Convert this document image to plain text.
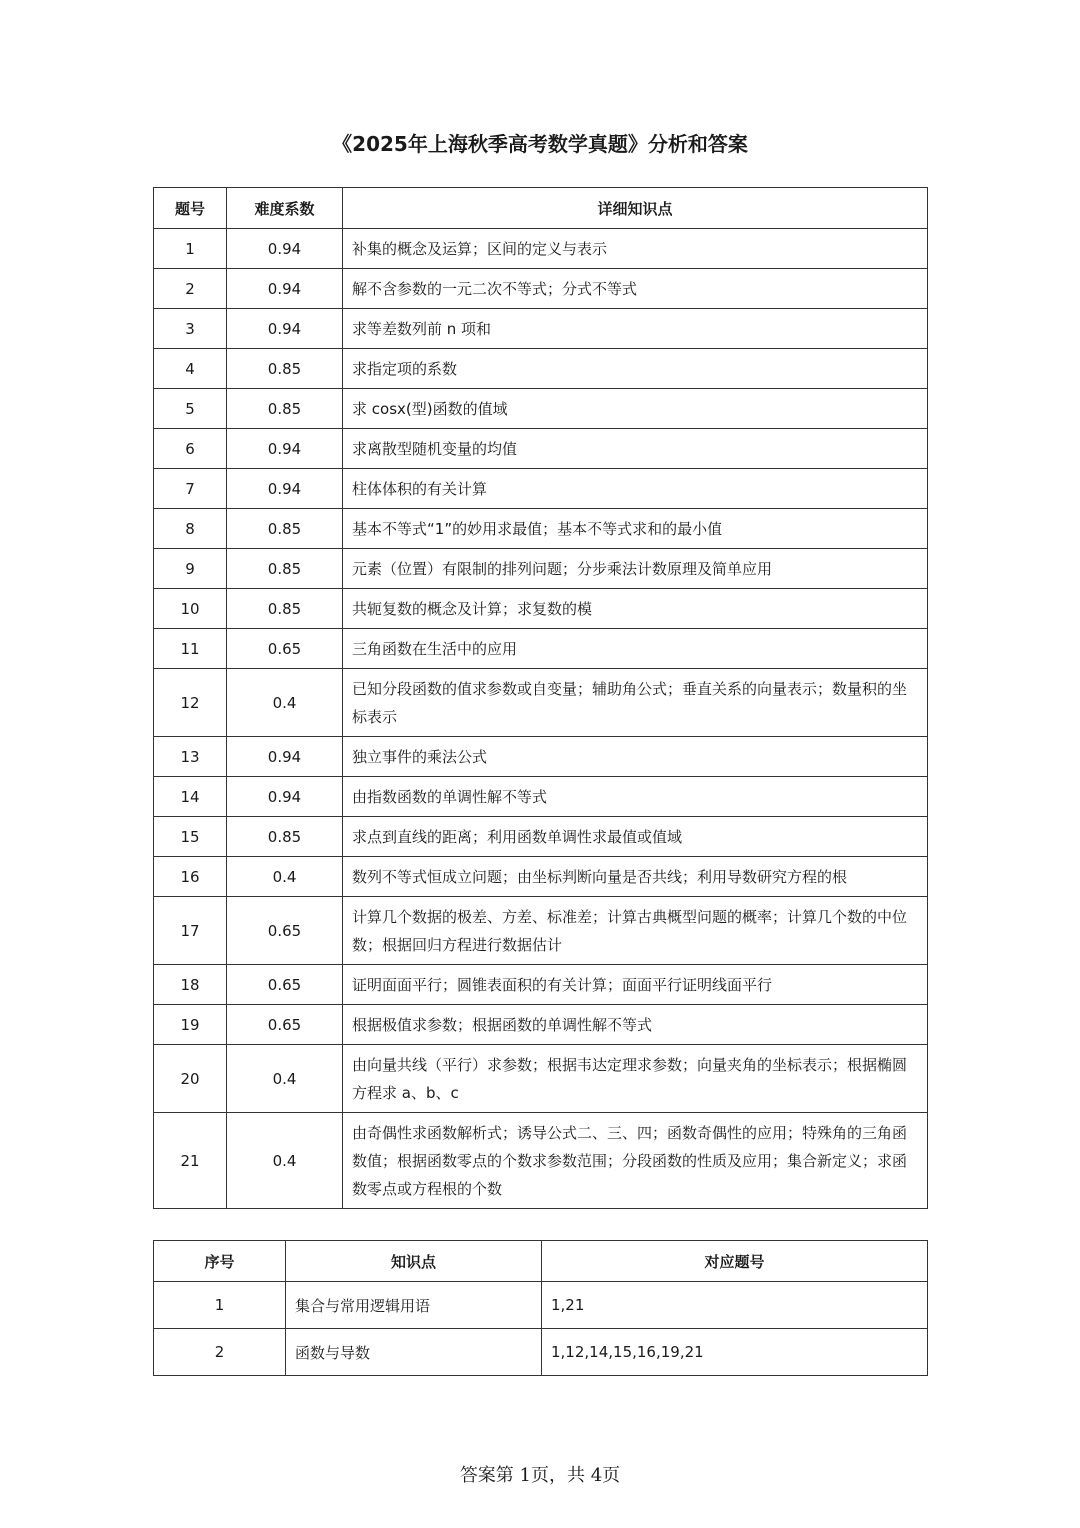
《2025年上海秋季高考数学真题》分析和答案
题号	难度系数	详细知识点
1	0.94	补集的概念及运算；区间的定义与表示
2	0.94	解不含参数的一元二次不等式；分式不等式
3	0.94	求等差数列前 n 项和
4	0.85	求指定项的系数
5	0.85	求 cosx(型)函数的值域
6	0.94	求离散型随机变量的均值
7	0.94	柱体体积的有关计算
8	0.85	基本不等式“1”的妙用求最值；基本不等式求和的最小值
9	0.85	元素（位置）有限制的排列问题；分步乘法计数原理及简单应用
10	0.85	共轭复数的概念及计算；求复数的模
11	0.65	三角函数在生活中的应用
12	0.4	已知分段函数的值求参数或自变量；辅助角公式；垂直关系的向量表示；数量积的坐标表示
13	0.94	独立事件的乘法公式
14	0.94	由指数函数的单调性解不等式
15	0.85	求点到直线的距离；利用函数单调性求最值或值域
16	0.4	数列不等式恒成立问题；由坐标判断向量是否共线；利用导数研究方程的根
17	0.65	计算几个数据的极差、方差、标准差；计算古典概型问题的概率；计算几个数的中位数；根据回归方程进行数据估计
18	0.65	证明面面平行；圆锥表面积的有关计算；面面平行证明线面平行
19	0.65	根据极值求参数；根据函数的单调性解不等式
20	0.4	由向量共线（平行）求参数；根据韦达定理求参数；向量夹角的坐标表示；根据椭圆方程求 a、b、c
21	0.4	由奇偶性求函数解析式；诱导公式二、三、四；函数奇偶性的应用；特殊角的三角函数值；根据函数零点的个数求参数范围；分段函数的性质及应用；集合新定义；求函数零点或方程根的个数
序号	知识点	对应题号
1	集合与常用逻辑用语	1,21
2	函数与导数	1,12,14,15,16,19,21
答案第 1页，共 4页
